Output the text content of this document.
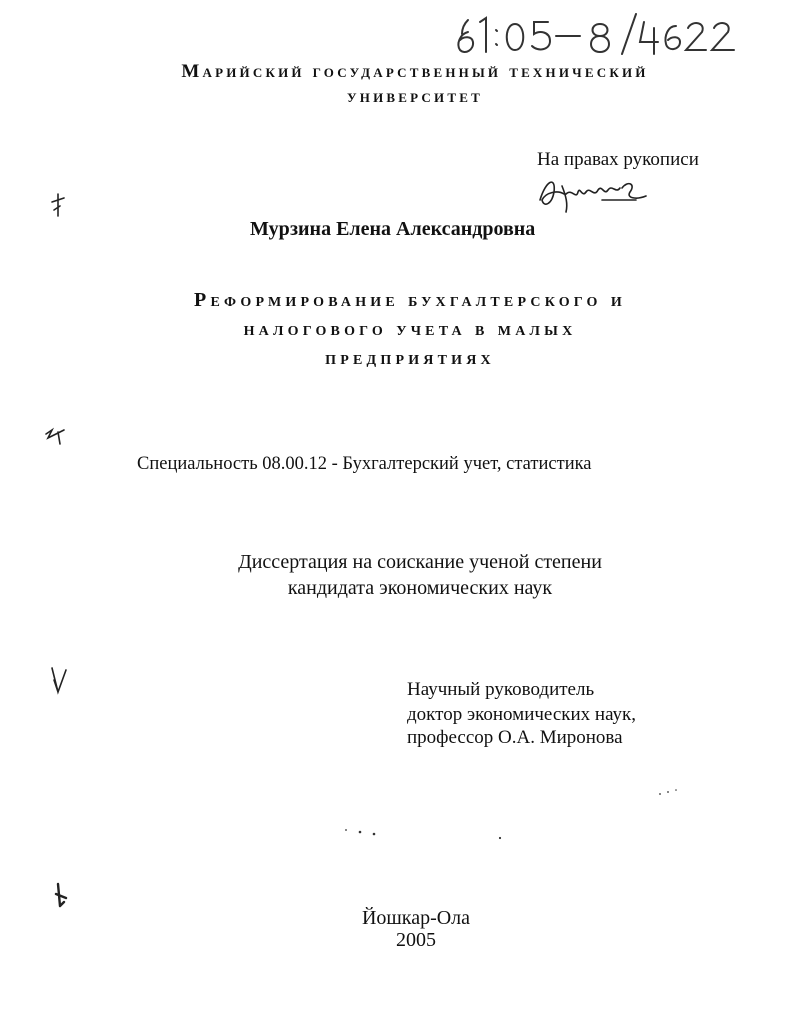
Марийский государственный технический
университет
На правах рукописи
Мурзина Елена Александровна
Реформирование бухгалтерского и
налогового учета в малых
предприятиях
Специальность 08.00.12 - Бухгалтерский учет, статистика
Диссертация на соискание ученой степени
кандидата экономических наук
Научный руководитель
доктор экономических наук,
профессор О.А. Миронова
Йошкар-Ола
2005
